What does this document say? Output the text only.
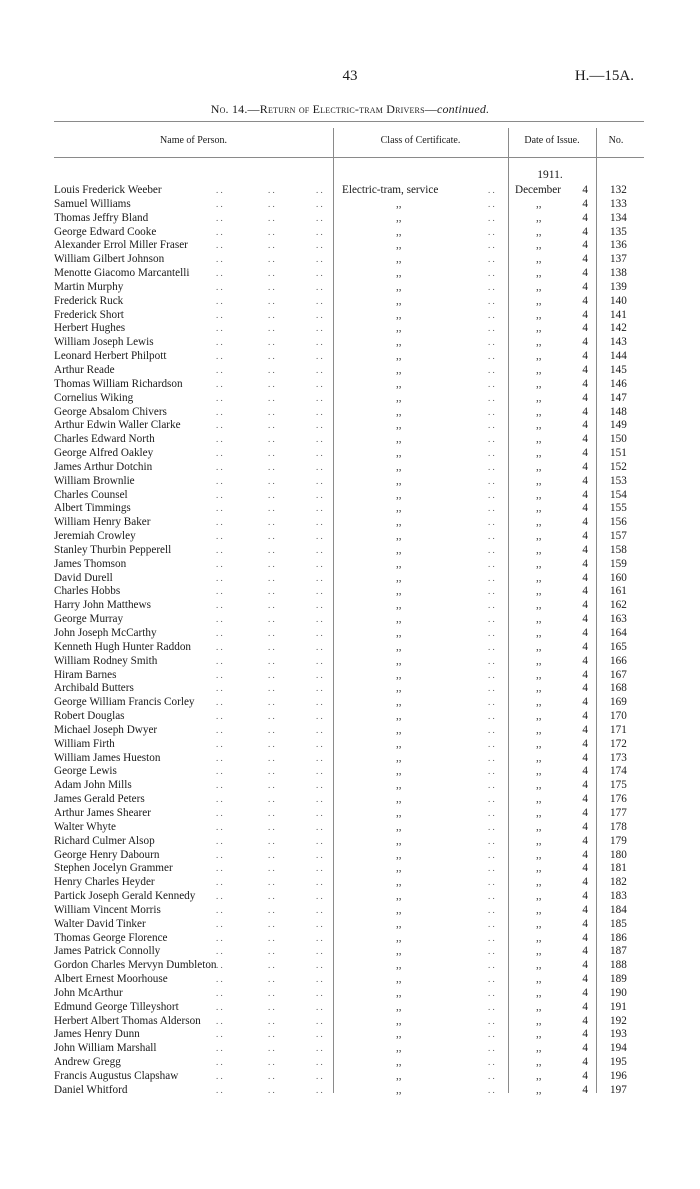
43	H.—15A.
No. 14.—Return of Electric-tram Drivers—continued.
Name of Person.	Class of Certificate.	Date of Issue.	No.
1911.
Louis Frederick Weeber	. .	. .	. . Electric-tram, service	. . December 4 132
Samuel Williams	. .	. .	. .	,,	. .	,,	4 133
Thomas Jeffry Bland	. .	. .	. .	,,	. .	,,	4 134
George Edward Cooke	. .	. .	. .	,,	. .	,,	4 135
Alexander Errol Miller Fraser	. .	. .	. .	,,	. .	,,	4 136
William Gilbert Johnson	. .	. .	. .	,,	. .	,,	4 137
Menotte Giacomo Marcantelli	. .	. .	. .	,,	. .	,,	4 138
Martin Murphy	. .	. .	. .	,,	. .	,,	4 139
Frederick Ruck	. .	. .	. .	,,	. .	,,	4 140
Frederick Short	. .	. .	. .	,,	. .	,,	4 141
Herbert Hughes	. .	. .	. .	,,	. .	,,	4 142
William Joseph Lewis	. .	. .	. .	,,	. .	,,	4 143
Leonard Herbert Philpott	. .	. .	. .	,,	. .	,,	4 144
Arthur Reade	. .	. .	. .	,,	. .	,,	4 145
Thomas William Richardson	. .	. .	. .	,,	. .	,,	4 146
Cornelius Wiking	. .	. .	. .	,,	. .	,,	4 147
George Absalom Chivers	. .	. .	. .	,,	. .	,,	4 148
Arthur Edwin Waller Clarke	. .	. .	. .	,,	. .	,,	4 149
Charles Edward North	. .	. .	. .	,,	. .	,,	4 150
George Alfred Oakley	. .	. .	. .	,,	. .	,,	4 151
James Arthur Dotchin	. .	. .	. .	,,	. .	,,	4 152
William Brownlie	. .	. .	. .	,,	. .	,,	4 153
Charles Counsel	. .	. .	. .	,,	. .	,,	4 154
Albert Timmings	. .	. .	. .	,,	. .	,,	4 155
William Henry Baker	. .	. .	. .	,,	. .	,,	4 156
Jeremiah Crowley	. .	. .	. .	,,	. .	,,	4 157
Stanley Thurbin Pepperell	. .	. .	. .	,,	. .	,,	4 158
James Thomson	. .	. .	. .	,,	. .	,,	4 159
David Durell	. .	. .	. .	,,	. .	,,	4 160
Charles Hobbs	. .	. .	. .	,,	. .	,,	4 161
Harry John Matthews	. .	. .	. .	,,	. .	,,	4 162
George Murray	. .	. .	. .	,,	. .	,,	4 163
John Joseph McCarthy	. .	. .	. .	,,	. .	,,	4 164
Kenneth Hugh Hunter Raddon	. .	. .	. .	,,	. .	,,	4 165
William Rodney Smith	. .	. .	. .	,,	. .	,,	4 166
Hiram Barnes	. .	. .	. .	,,	. .	,,	4 167
Archibald Butters	. .	. .	. .	,,	. .	,,	4 168
George William Francis Corley . .	. .	. .	,,	. .	,,	4 169
Robert Douglas	. .	. .	. .	,,	. .	,,	4 170
Michael Joseph Dwyer	. .	. .	. .	,,	. .	,,	4 171
William Firth	. .	. .	. .	,,	. .	,,	4 172
William James Hueston	. .	. .	. .	,,	. .	,,	4 173
George Lewis	. .	. .	. .	,,	. .	,,	4 174
Adam John Mills	. .	. .	. .	,,	. .	,,	4 175
James Gerald Peters	. .	. .	. .	,,	. .	,,	4 176
Arthur James Shearer	. .	. .	. .	,,	. .	,,	4 177
Walter Whyte	. .	. .	. .	,,	. .	,,	4 178
Richard Culmer Alsop	. .	. .	. .	,,	. .	,,	4 179
George Henry Dabourn	. .	. .	. .	,,	. .	,,	4 180
Stephen Jocelyn Grammer	. .	. .	. .	,,	. .	,,	4 181
Henry Charles Heyder	. .	. .	. .	,,	. .	,,	4 182
Partick Joseph Gerald Kennedy . .	. .	. .	,,	. .	,,	4 183
William Vincent Morris	. .	. .	. .	,,	. .	,,	4 184
Walter David Tinker	. .	. .	. .	,,	. .	,,	4 185
Thomas George Florence	. .	. .	. .	,,	. .	,,	4 186
James Patrick Connolly	. .	. .	. .	,,	. .	,,	4 187
Gordon Charles Mervyn Dumbleton . .	. .	. .	,,	. .	,,	4 188
Albert Ernest Moorhouse	. .	. .	. .	,,	. .	,,	4 189
John McArthur	. .	. .	. .	,,	. .	,,	4 190
Edmund George Tilleyshort	. .	. .	. .	,,	. .	,,	4 191
Herbert Albert Thomas Alderson . .	. .	. .	,,	. .	,,	4 192
James Henry Dunn	. .	. .	. .	,,	. .	,,	4 193
John William Marshall	. .	. .	. .	,,	. .	,,	4 194
Andrew Gregg	. .	. .	. .	,,	. .	,,	4 195
Francis Augustus Clapshaw	. .	. .	. .	,,	. .	,,	4 196
Daniel Whitford	. .	. .	. .	,,	. .	,,	4 197
